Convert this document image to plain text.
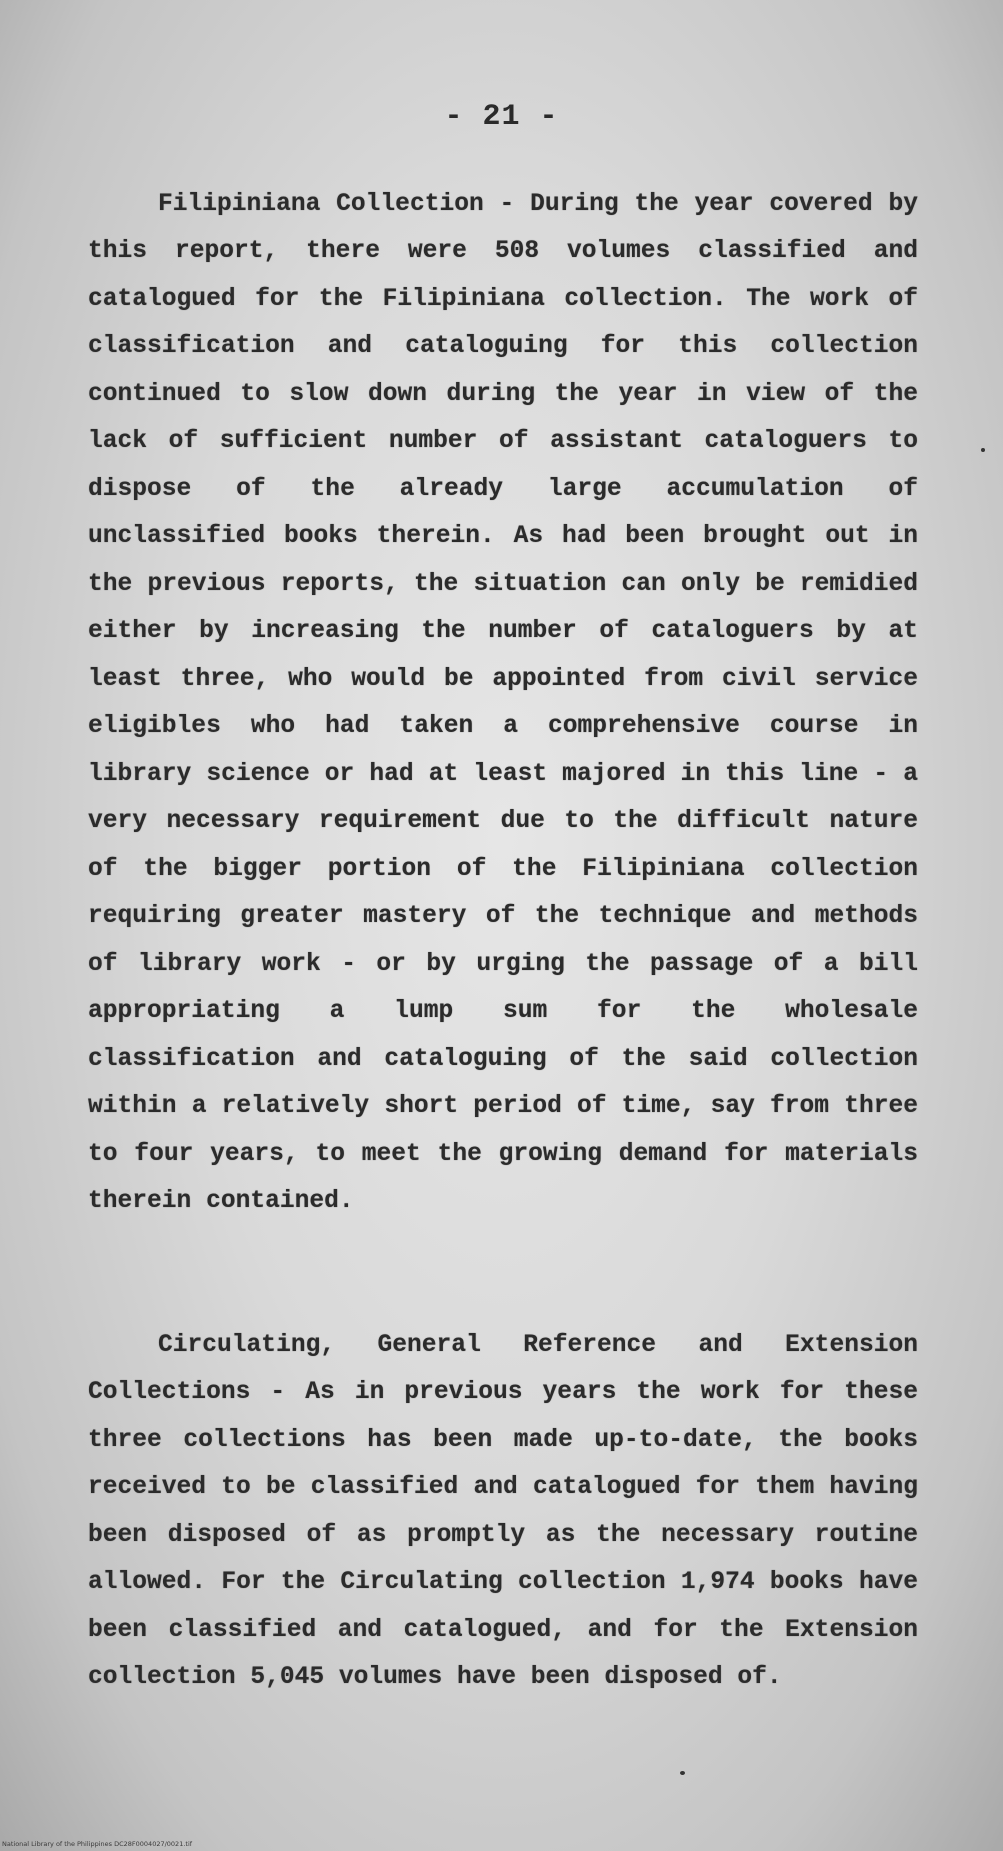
- 21 -

Filipiniana Collection - During the year covered by this report, there were 508 volumes classified and catalogued for the Filipiniana collection. The work of classification and cataloguing for this collection continued to slow down during the year in view of the lack of sufficient number of assistant cataloguers to dispose of the already large accumulation of unclassified books therein. As had been brought out in the previous reports, the situation can only be remidied either by increasing the number of cataloguers by at least three, who would be appointed from civil service eligibles who had taken a comprehensive course in library science or had at least majored in this line - a very necessary requirement due to the difficult nature of the bigger portion of the Filipiniana collection requiring greater mastery of the technique and methods of library work - or by urging the passage of a bill appropriating a lump sum for the wholesale classification and cataloguing of the said collection within a relatively short period of time, say from three to four years, to meet the growing demand for materials therein contained.

Circulating, General Reference and Extension Collections - As in previous years the work for these three collections has been made up-to-date, the books received to be classified and catalogued for them having been disposed of as promptly as the necessary routine allowed. For the Circulating collection 1,974 books have been classified and catalogued, and for the Extension collection 5,045 volumes have been disposed of.

National Library of the Philippines DC28F0004027/0021.tif
